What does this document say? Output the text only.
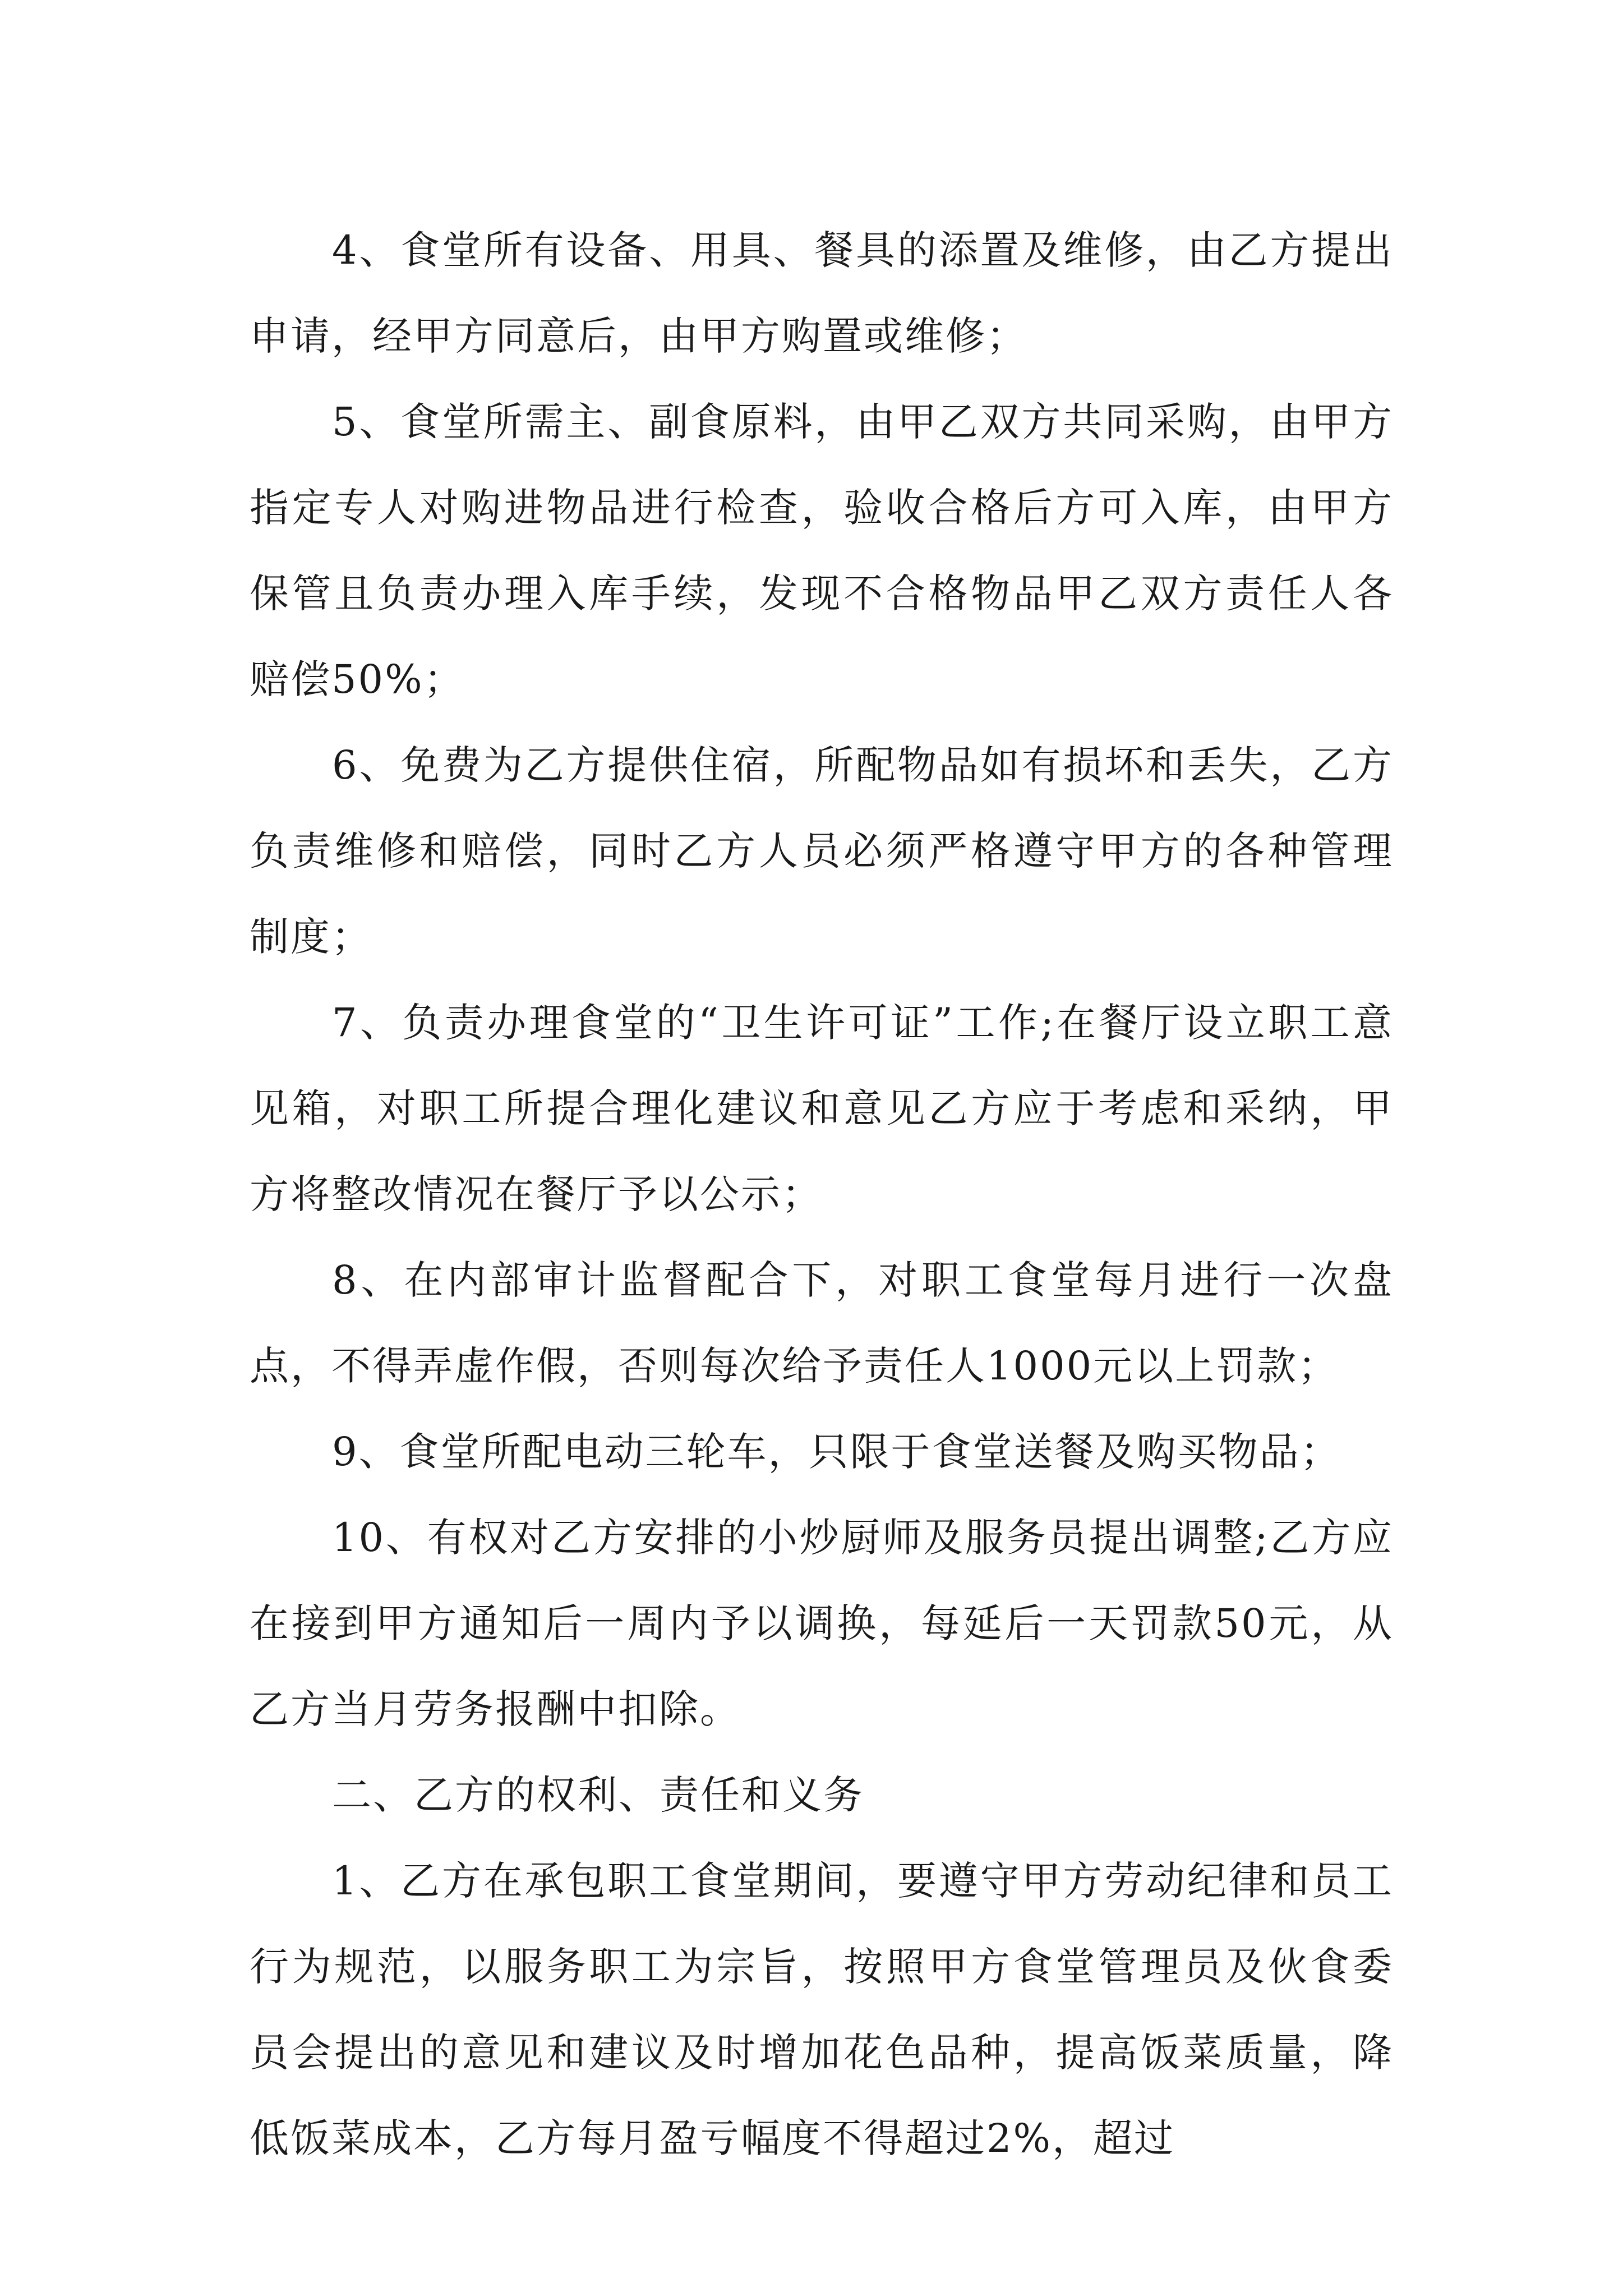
4、食堂所有设备、用具、餐具的添置及维修，由乙方提出申请，经甲方同意后，由甲方购置或维修；

5、食堂所需主、副食原料，由甲乙双方共同采购，由甲方指定专人对购进物品进行检查，验收合格后方可入库，由甲方保管且负责办理入库手续，发现不合格物品甲乙双方责任人各赔偿50%；

6、免费为乙方提供住宿，所配物品如有损坏和丢失，乙方负责维修和赔偿，同时乙方人员必须严格遵守甲方的各种管理制度；

7、负责办理食堂的“卫生许可证”工作;在餐厅设立职工意见箱，对职工所提合理化建议和意见乙方应于考虑和采纳，甲方将整改情况在餐厅予以公示；

8、在内部审计监督配合下，对职工食堂每月进行一次盘点，不得弄虚作假，否则每次给予责任人1000元以上罚款；

9、食堂所配电动三轮车，只限于食堂送餐及购买物品；

10、有权对乙方安排的小炒厨师及服务员提出调整;乙方应在接到甲方通知后一周内予以调换，每延后一天罚款50元，从乙方当月劳务报酬中扣除。

二、乙方的权利、责任和义务

1、乙方在承包职工食堂期间，要遵守甲方劳动纪律和员工行为规范，以服务职工为宗旨，按照甲方食堂管理员及伙食委员会提出的意见和建议及时增加花色品种，提高饭菜质量，降低饭菜成本，乙方每月盈亏幅度不得超过2%，超过
